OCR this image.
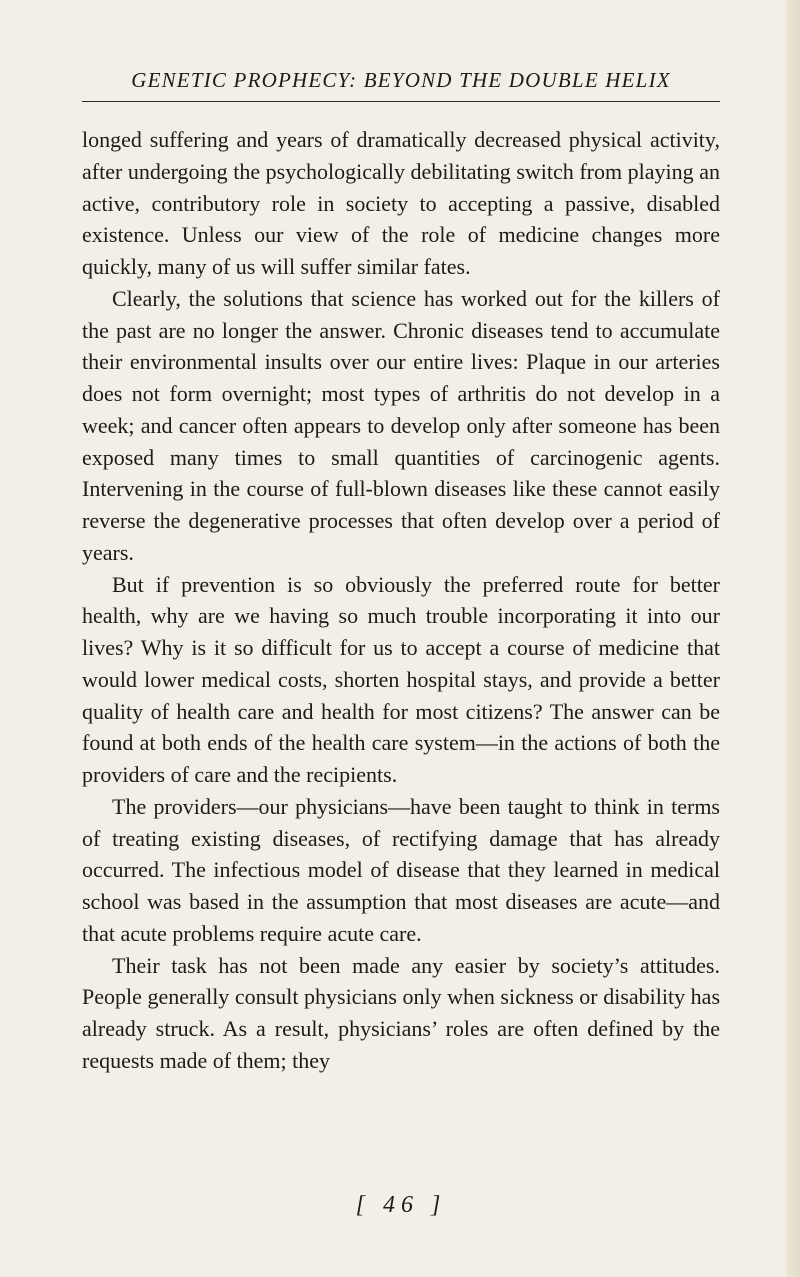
GENETIC PROPHECY: BEYOND THE DOUBLE HELIX

longed suffering and years of dramatically decreased physical activity, after undergoing the psychologically debilitating switch from playing an active, contributory role in society to accepting a passive, disabled existence. Unless our view of the role of medicine changes more quickly, many of us will suffer similar fates.

Clearly, the solutions that science has worked out for the killers of the past are no longer the answer. Chronic diseases tend to accumulate their environmental insults over our entire lives: Plaque in our arteries does not form overnight; most types of arthritis do not develop in a week; and cancer often appears to develop only after someone has been exposed many times to small quantities of carcinogenic agents. Intervening in the course of full-blown diseases like these cannot easily reverse the degenerative processes that often develop over a period of years.

But if prevention is so obviously the preferred route for better health, why are we having so much trouble incorporating it into our lives? Why is it so difficult for us to accept a course of medicine that would lower medical costs, shorten hospital stays, and provide a better quality of health care and health for most citizens? The answer can be found at both ends of the health care system—in the actions of both the providers of care and the recipients.

The providers—our physicians—have been taught to think in terms of treating existing diseases, of rectifying damage that has already occurred. The infectious model of disease that they learned in medical school was based in the assumption that most diseases are acute—and that acute problems require acute care.

Their task has not been made any easier by society’s attitudes. People generally consult physicians only when sickness or disability has already struck. As a result, physicians’ roles are often defined by the requests made of them; they

[ 46 ]
